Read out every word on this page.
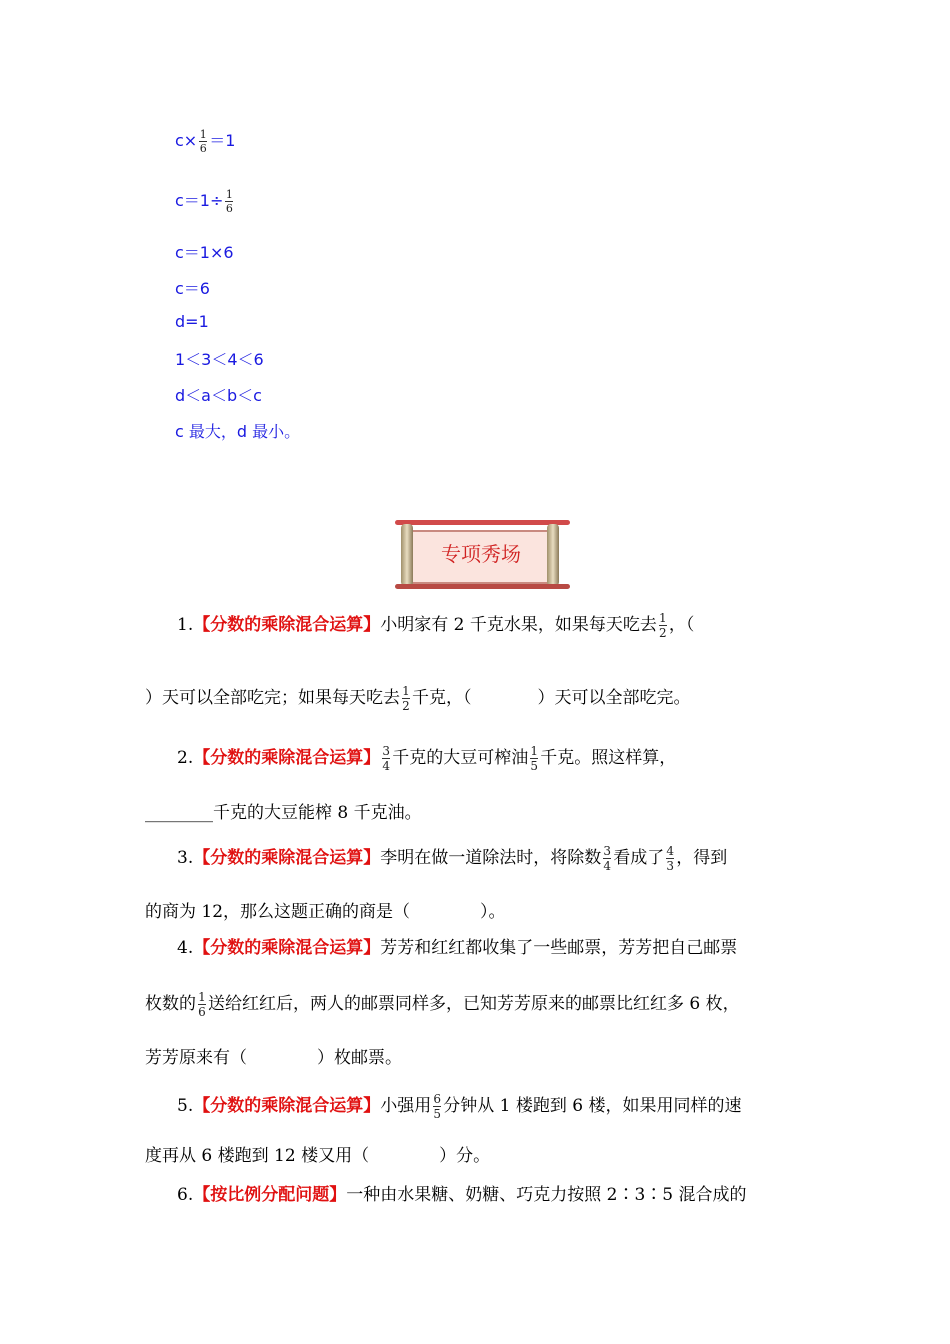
$c\times \frac{1}{6} =1$
$c=1\div \frac{1}{6}$
c＝1×6
c＝6
d=1
1＜3＜4＜6
d＜a＜b＜c
c 最大，d 最小。
专项秀场
1.【分数的乘除混合运算】小明家有 2 千克水果，如果每天吃去 $\frac{1}{2}$ ，（
）天可以全部吃完；如果每天吃去 $\frac{1}{2}$ 千克，（	）天可以全部吃完。
2.【分数的乘除混合运算】 $\frac{3}{4}$ 千克的大豆可榨油 $\frac{1}{5}$ 千克。照这样算，
________千克的大豆能榨 8 千克油。
3.【分数的乘除混合运算】李明在做一道除法时，将除数 $\frac{3}{4}$ 看成了 $\frac{4}{3}$ ，得到
的商为 12，那么这题正确的商是（	）。
4.【分数的乘除混合运算】芳芳和红红都收集了一些邮票，芳芳把自己邮票
枚数的 $\frac{1}{6}$ 送给红红后，两人的邮票同样多，已知芳芳原来的邮票比红红多 6 枚，
芳芳原来有（	）枚邮票。
5.【分数的乘除混合运算】小强用 $\frac{6}{5}$ 分钟从 1 楼跑到 6 楼，如果用同样的速
度再从 6 楼跑到 12 楼又用（	）分。
6.【按比例分配问题】一种由水果糖、奶糖、巧克力按照 2∶3∶5 混合成的
